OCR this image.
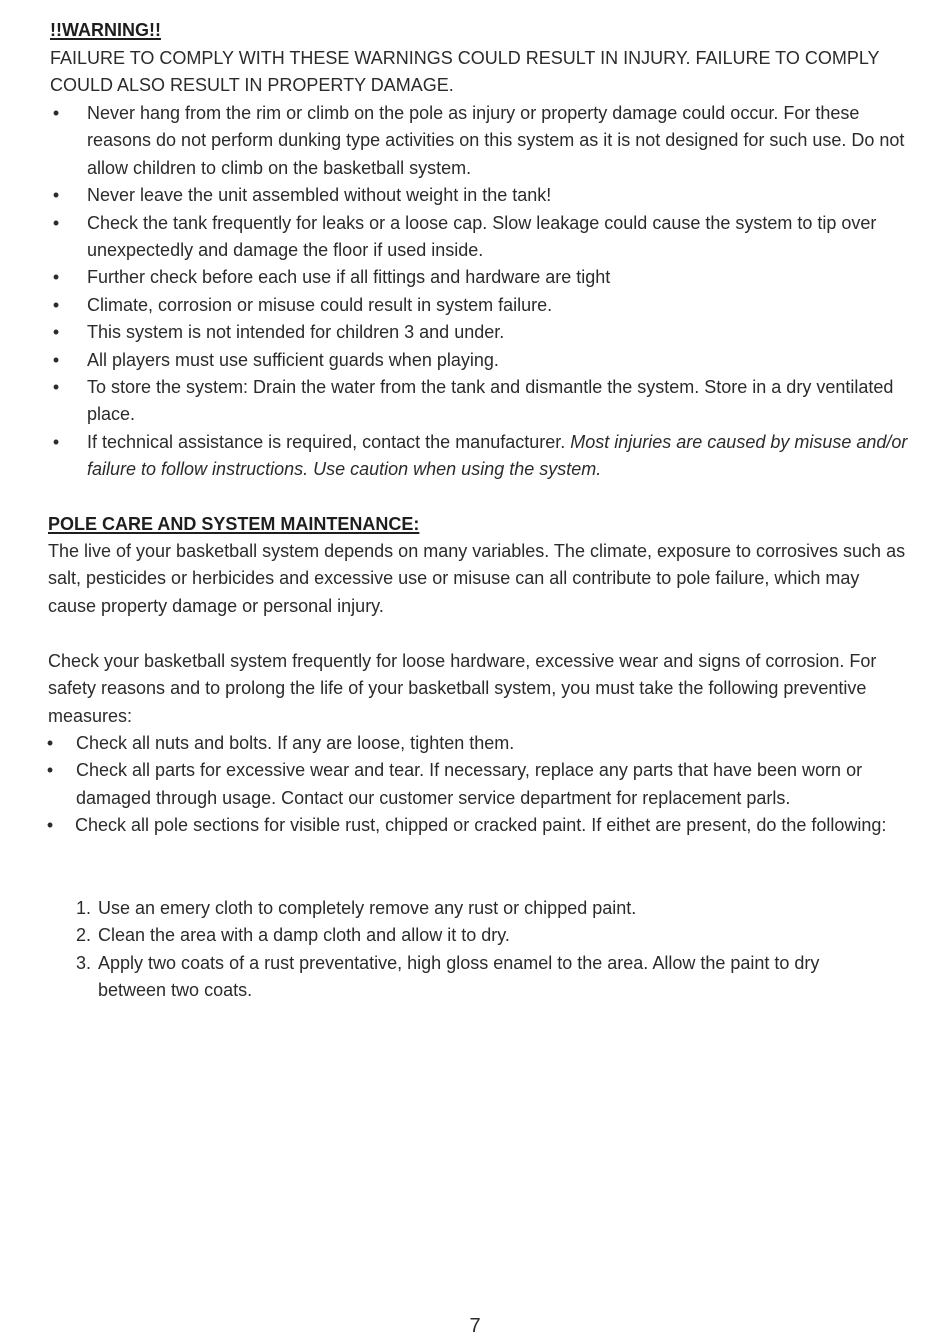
!!WARNING!!

FAILURE TO COMPLY WITH THESE WARNINGS COULD RESULT IN INJURY. FAILURE TO COMPLY COULD ALSO RESULT IN PROPERTY DAMAGE.

• Never hang from the rim or climb on the pole as injury or property damage could occur. For these reasons do not perform dunking type activities on this system as it is not designed for such use. Do not allow children to climb on the basketball system.
• Never leave the unit assembled without weight in the tank!
• Check the tank frequently for leaks or a loose cap. Slow leakage could cause the system to tip over unexpectedly and damage the floor if used inside.
• Further check before each use if all fittings and hardware are tight
• Climate, corrosion or misuse could result in system failure.
• This system is not intended for children 3 and under.
• All players must use sufficient guards when playing.
• To store the system: Drain the water from the tank and dismantle the system. Store in a dry ventilated place.
• If technical assistance is required, contact the manufacturer. Most injuries are caused by misuse and/or failure to follow instructions. Use caution when using the system.
POLE CARE AND SYSTEM MAINTENANCE:

The live of your basketball system depends on many variables. The climate, exposure to corrosives such as salt, pesticides or herbicides and excessive use or misuse can all contribute to pole failure, which may cause property damage or personal injury.

Check your basketball system frequently for loose hardware, excessive wear and signs of corrosion. For safety reasons and to prolong the life of your basketball system, you must take the following preventive measures:

• Check all nuts and bolts. If any are loose, tighten them.
• Check all parts for excessive wear and tear. If necessary, replace any parts that have been worn or damaged through usage. Contact our customer service department for replacement parls.
• Check all pole sections for visible rust, chipped or cracked paint. If eithet are present, do the following:
1. Use an emery cloth to completely remove any rust or chipped paint.
2. Clean the area with a damp cloth and allow it to dry.
3. Apply two coats of a rust preventative, high gloss enamel to the area. Allow the paint to dry between two coats.
7
